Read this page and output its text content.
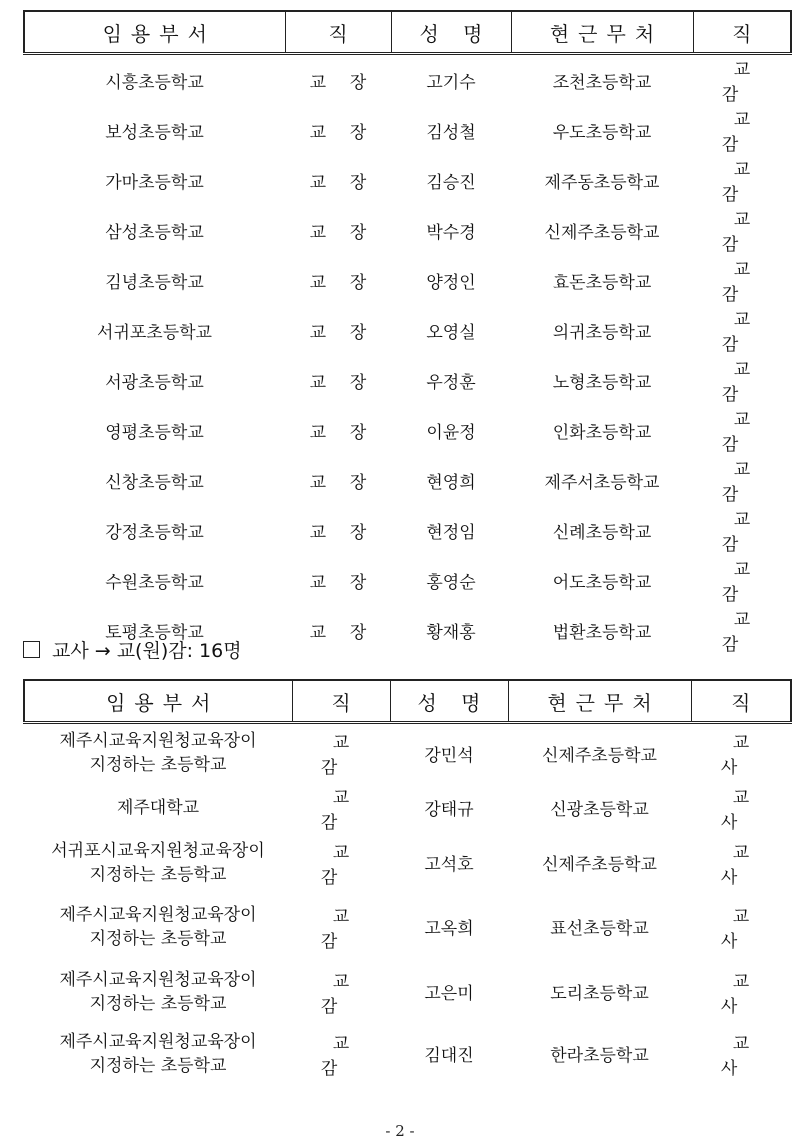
임용부서	직	성 명	현근무처	직
시흥초등학교	교장	고기수	조천초등학교	교감
보성초등학교	교장	김성철	우도초등학교	교감
가마초등학교	교장	김승진	제주동초등학교	교감
삼성초등학교	교장	박수경	신제주초등학교	교감
김녕초등학교	교장	양정인	효돈초등학교	교감
서귀포초등학교	교장	오영실	의귀초등학교	교감
서광초등학교	교장	우정훈	노형초등학교	교감
영평초등학교	교장	이윤정	인화초등학교	교감
신창초등학교	교장	현영희	제주서초등학교	교감
강정초등학교	교장	현정임	신례초등학교	교감
수원초등학교	교장	홍영순	어도초등학교	교감
토평초등학교	교장	황재홍	법환초등학교	교감
교사 → 교(원)감: 16명
임용부서	직	성 명	현근무처	직

제주시교육지원청교육장이
지정하는 초등학교	교감	강민석	신제주초등학교	교사

제주대학교	교감	강태규	신광초등학교	교사

서귀포시교육지원청교육장이
지정하는 초등학교	교감	고석호	신제주초등학교	교사

제주시교육지원청교육장이
지정하는 초등학교	교감	고옥희	표선초등학교	교사

제주시교육지원청교육장이
지정하는 초등학교	교감	고은미	도리초등학교	교사

제주시교육지원청교육장이
지정하는 초등학교	교감	김대진	한라초등학교	교사
- 2 -
